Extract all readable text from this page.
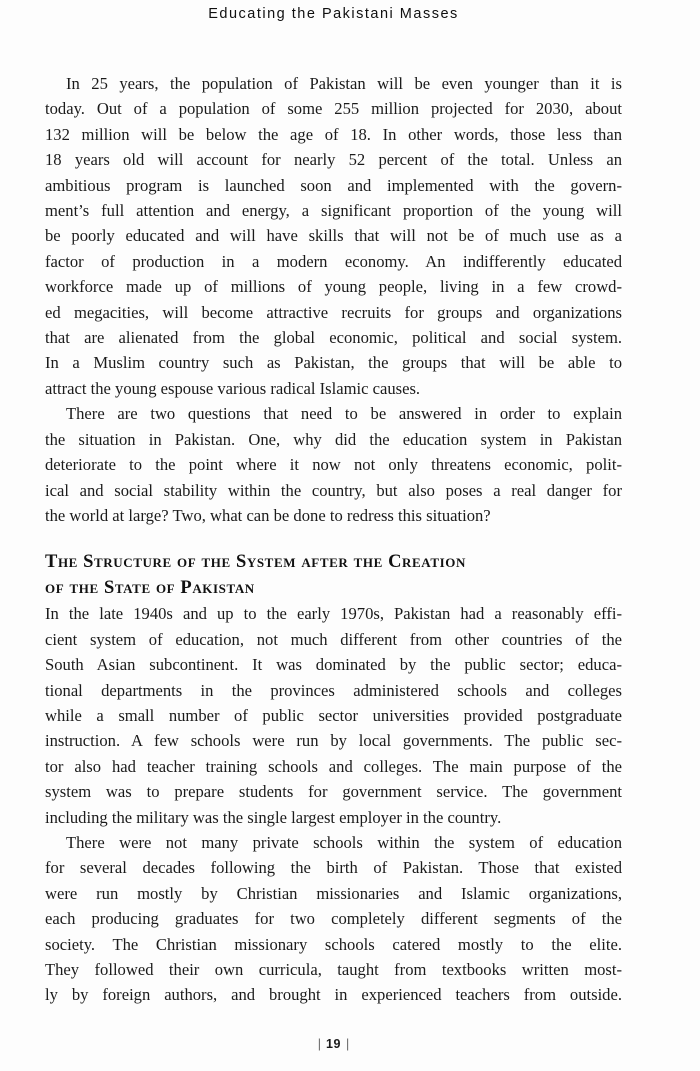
Educating the Pakistani Masses
In 25 years, the population of Pakistan will be even younger than it is
today. Out of a population of some 255 million projected for 2030, about
132 million will be below the age of 18. In other words, those less than
18 years old will account for nearly 52 percent of the total. Unless an
ambitious program is launched soon and implemented with the govern-
ment’s full attention and energy, a significant proportion of the young will
be poorly educated and will have skills that will not be of much use as a
factor of production in a modern economy. An indifferently educated
workforce made up of millions of young people, living in a few crowd-
ed megacities, will become attractive recruits for groups and organizations
that are alienated from the global economic, political and social system.
In a Muslim country such as Pakistan, the groups that will be able to
attract the young espouse various radical Islamic causes.
There are two questions that need to be answered in order to explain
the situation in Pakistan. One, why did the education system in Pakistan
deteriorate to the point where it now not only threatens economic, polit-
ical and social stability within the country, but also poses a real danger for
the world at large? Two, what can be done to redress this situation?
The Structure of the System after the Creation
of the State of Pakistan
In the late 1940s and up to the early 1970s, Pakistan had a reasonably effi-
cient system of education, not much different from other countries of the
South Asian subcontinent. It was dominated by the public sector; educa-
tional departments in the provinces administered schools and colleges
while a small number of public sector universities provided postgraduate
instruction. A few schools were run by local governments. The public sec-
tor also had teacher training schools and colleges. The main purpose of the
system was to prepare students for government service. The government
including the military was the single largest employer in the country.
There were not many private schools within the system of education
for several decades following the birth of Pakistan. Those that existed
were run mostly by Christian missionaries and Islamic organizations,
each producing graduates for two completely different segments of the
society. The Christian missionary schools catered mostly to the elite.
They followed their own curricula, taught from textbooks written most-
ly by foreign authors, and brought in experienced teachers from outside.
| 19 |
